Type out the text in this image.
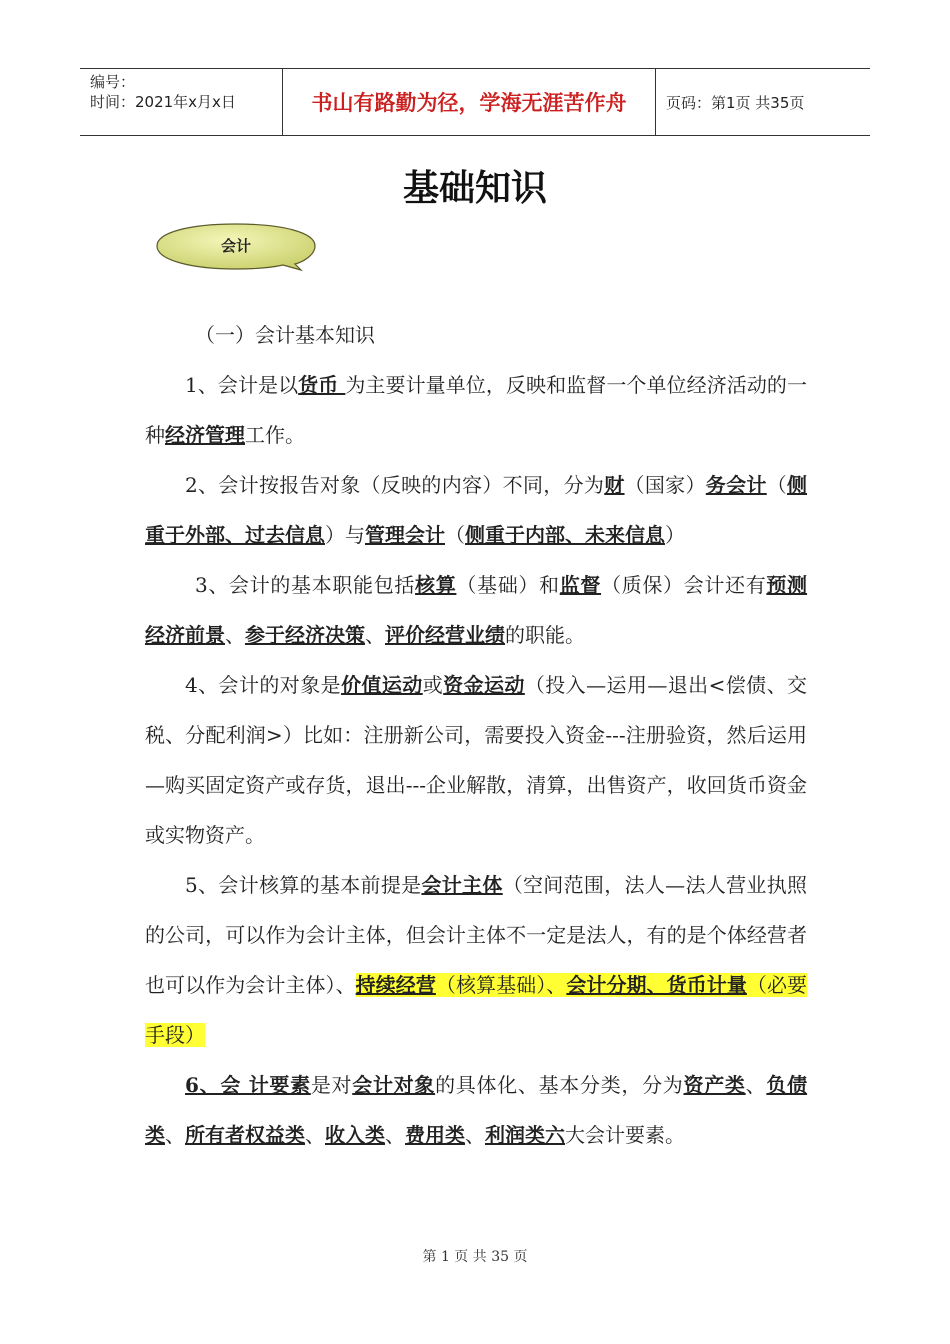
编号：
时间：2021年x月x日	书山有路勤为径，学海无涯苦作舟	页码：第1页 共35页
基础知识
会计

（一）会计基本知识

1、会计是以货币 为主要计量单位，反映和监督一个单位经济活动的一种经济管理工作。

2、会计按报告对象（反映的内容）不同，分为财（国家）务会计（侧重于外部、过去信息）与管理会计（侧重于内部、未来信息）

3、会计的基本职能包括核算（基础）和监督（质保）会计还有预测经济前景、参于经济决策、评价经营业绩的职能。

4、会计的对象是价值运动或资金运动（投入—运用—退出<偿债、交税、分配利润>）比如：注册新公司，需要投入资金---注册验资，然后运用—购买固定资产或存货，退出---企业解散，清算，出售资产，收回货币资金或实物资产。

5、会计核算的基本前提是会计主体（空间范围，法人—法人营业执照的公司，可以作为会计主体，但会计主体不一定是法人，有的是个体经营者也可以作为会计主体）、持续经营（核算基础）、会计分期、货币计量（必要手段）

6、会 计要素是对会计对象的具体化、基本分类，分为资产类、负债 类、所有者权益类、收入类、费用类、利润类六大会计要素。

第 1 页 共 35 页
